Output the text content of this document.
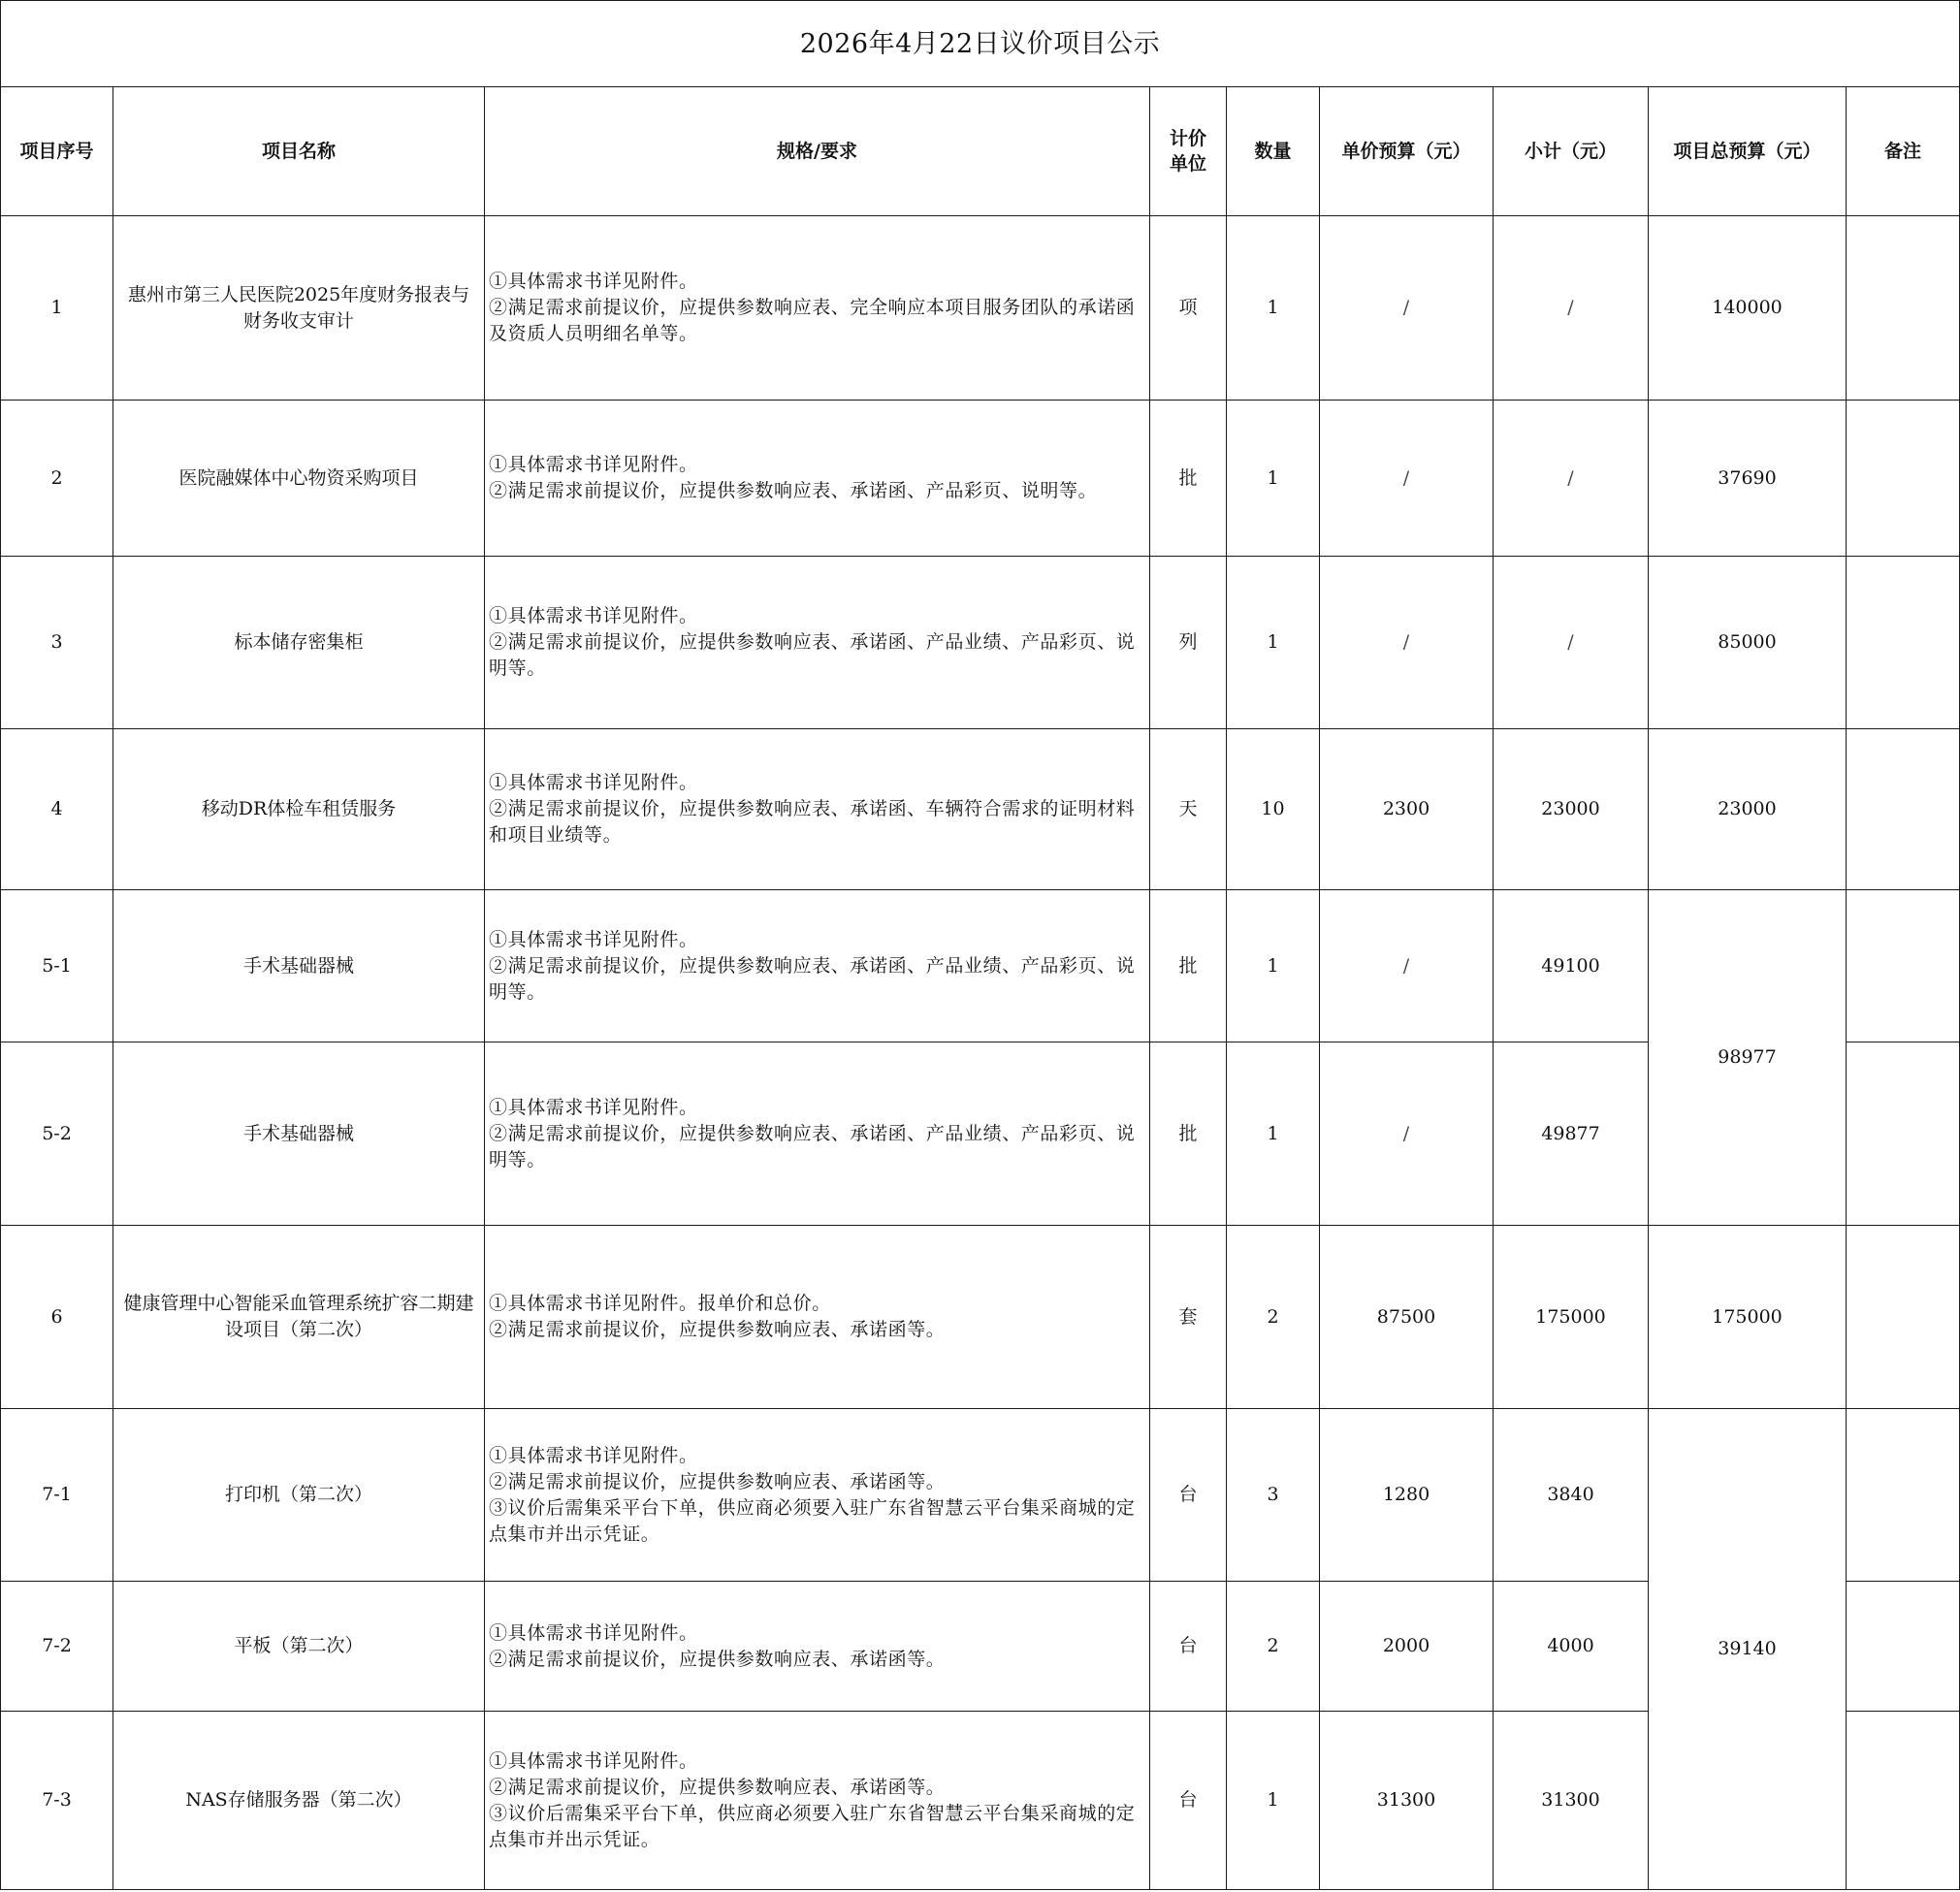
2026年4月22日议价项目公示								
项目序号	项目名称	规格/要求	计价单位	数量	单价预算（元）	小计（元）	项目总预算（元）	备注
1	惠州市第三人民医院2025年度财务报表与财务收支审计	①具体需求书详见附件。
②满足需求前提议价，应提供参数响应表、完全响应本项目服务团队的承诺函及资质人员明细名单等。	项	1	/	/	140000	
2	医院融媒体中心物资采购项目	①具体需求书详见附件。
②满足需求前提议价，应提供参数响应表、承诺函、产品彩页、说明等。	批	1	/	/	37690	
3	标本储存密集柜	①具体需求书详见附件。
②满足需求前提议价，应提供参数响应表、承诺函、产品业绩、产品彩页、说明等。	列	1	/	/	85000	
4	移动DR体检车租赁服务	①具体需求书详见附件。
②满足需求前提议价，应提供参数响应表、承诺函、车辆符合需求的证明材料和项目业绩等。	天	10	2300	23000	23000	
5-1	手术基础器械	①具体需求书详见附件。
②满足需求前提议价，应提供参数响应表、承诺函、产品业绩、产品彩页、说明等。	批	1	/	49100	98977	
5-2	手术基础器械	①具体需求书详见附件。
②满足需求前提议价，应提供参数响应表、承诺函、产品业绩、产品彩页、说明等。	批	1	/	49877		
6	健康管理中心智能采血管理系统扩容二期建设项目（第二次）	①具体需求书详见附件。报单价和总价。
②满足需求前提议价，应提供参数响应表、承诺函等。	套	2	87500	175000	175000	
7-1	打印机（第二次）	①具体需求书详见附件。
②满足需求前提议价，应提供参数响应表、承诺函等。
③议价后需集采平台下单，供应商必须要入驻广东省智慧云平台集采商城的定点集市并出示凭证。	台	3	1280	3840	39140	
7-2	平板（第二次）	①具体需求书详见附件。
②满足需求前提议价，应提供参数响应表、承诺函等。	台	2	2000	4000		
7-3	NAS存储服务器（第二次）	①具体需求书详见附件。
②满足需求前提议价，应提供参数响应表、承诺函等。
③议价后需集采平台下单，供应商必须要入驻广东省智慧云平台集采商城的定点集市并出示凭证。	台	1	31300	31300		
